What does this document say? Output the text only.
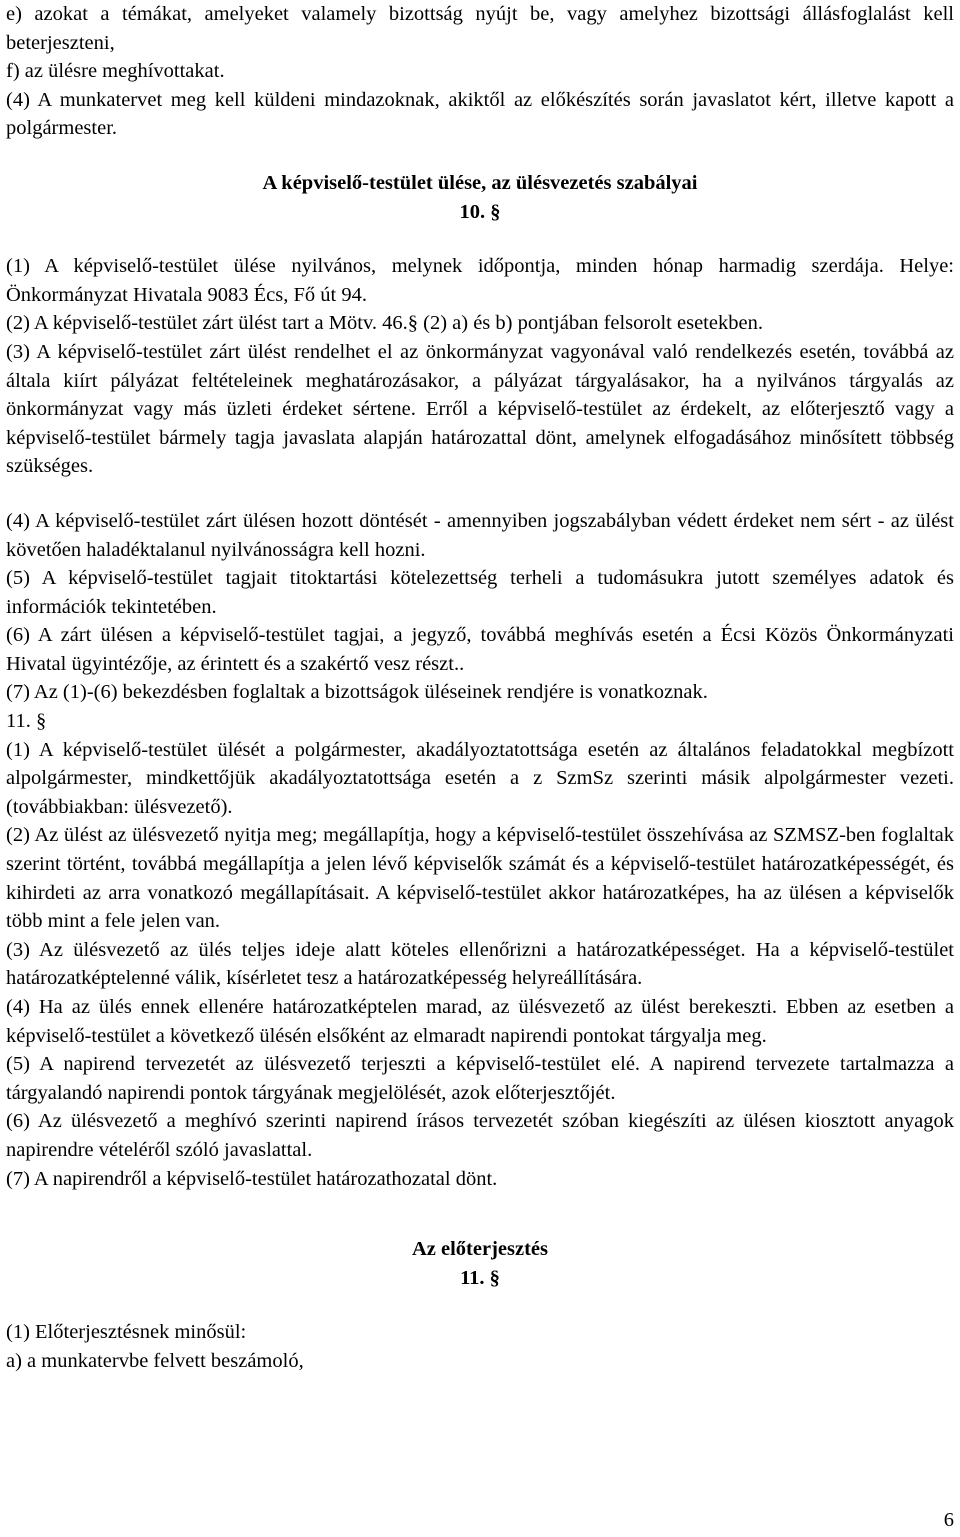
e) azokat a témákat, amelyeket valamely bizottság nyújt be, vagy amelyhez bizottsági állásfoglalást kell beterjeszteni,

f) az ülésre meghívottakat.

(4) A munkatervet meg kell küldeni mindazoknak, akiktől az előkészítés során javaslatot kért, illetve kapott a polgármester.

A képviselő-testület ülése, az ülésvezetés szabályai

10. §

(1) A képviselő-testület ülése nyilvános, melynek időpontja, minden hónap harmadig szerdája. Helye: Önkormányzat Hivatala 9083 Écs, Fő út 94.

(2) A képviselő-testület zárt ülést tart a Mötv. 46.§ (2) a) és b) pontjában felsorolt esetekben.

(3) A képviselő-testület zárt ülést rendelhet el az önkormányzat vagyonával való rendelkezés esetén, továbbá az általa kiírt pályázat feltételeinek meghatározásakor, a pályázat tárgyalásakor, ha a nyilvános tárgyalás az önkormányzat vagy más üzleti érdeket sértene. Erről a képviselő-testület az érdekelt, az előterjesztő vagy a képviselő-testület bármely tagja javaslata alapján határozattal dönt, amelynek elfogadásához minősített többség szükséges.

(4) A képviselő-testület zárt ülésen hozott döntését - amennyiben jogszabályban védett érdeket nem sért - az ülést követően haladéktalanul nyilvánosságra kell hozni.

(5) A képviselő-testület tagjait titoktartási kötelezettség terheli a tudomásukra jutott személyes adatok és információk tekintetében.

(6) A zárt ülésen a képviselő-testület tagjai, a jegyző, továbbá meghívás esetén a Écsi Közös Önkormányzati Hivatal ügyintézője, az érintett és a szakértő vesz részt..

(7) Az (1)-(6) bekezdésben foglaltak a bizottságok üléseinek rendjére is vonatkoznak.

11. §

(1) A képviselő-testület ülését a polgármester, akadályoztatottsága esetén az általános feladatokkal megbízott alpolgármester, mindkettőjük akadályoztatottsága esetén a z SzmSz szerinti másik alpolgármester vezeti. (továbbiakban: ülésvezető).

(2) Az ülést az ülésvezető nyitja meg; megállapítja, hogy a képviselő-testület összehívása az SZMSZ-ben foglaltak szerint történt, továbbá megállapítja a jelen lévő képviselők számát és a képviselő-testület határozatképességét, és kihirdeti az arra vonatkozó megállapításait. A képviselő-testület akkor határozatképes, ha az ülésen a képviselők több mint a fele jelen van.

(3) Az ülésvezető az ülés teljes ideje alatt köteles ellenőrizni a határozatképességet. Ha a képviselő-testület határozatképtelenné válik, kísérletet tesz a határozatképesség helyreállítására.

(4) Ha az ülés ennek ellenére határozatképtelen marad, az ülésvezető az ülést berekeszti. Ebben az esetben a képviselő-testület a következő ülésén elsőként az elmaradt napirendi pontokat tárgyalja meg.

(5) A napirend tervezetét az ülésvezető terjeszti a képviselő-testület elé. A napirend tervezete tartalmazza a tárgyalandó napirendi pontok tárgyának megjelölését, azok előterjesztőjét.

(6) Az ülésvezető a meghívó szerinti napirend írásos tervezetét szóban kiegészíti az ülésen kiosztott anyagok napirendre vételéről szóló javaslattal.

(7) A napirendről a képviselő-testület határozathozatal dönt.

Az előterjesztés

11. §

(1) Előterjesztésnek minősül:

a) a munkatervbe felvett beszámoló,

6
